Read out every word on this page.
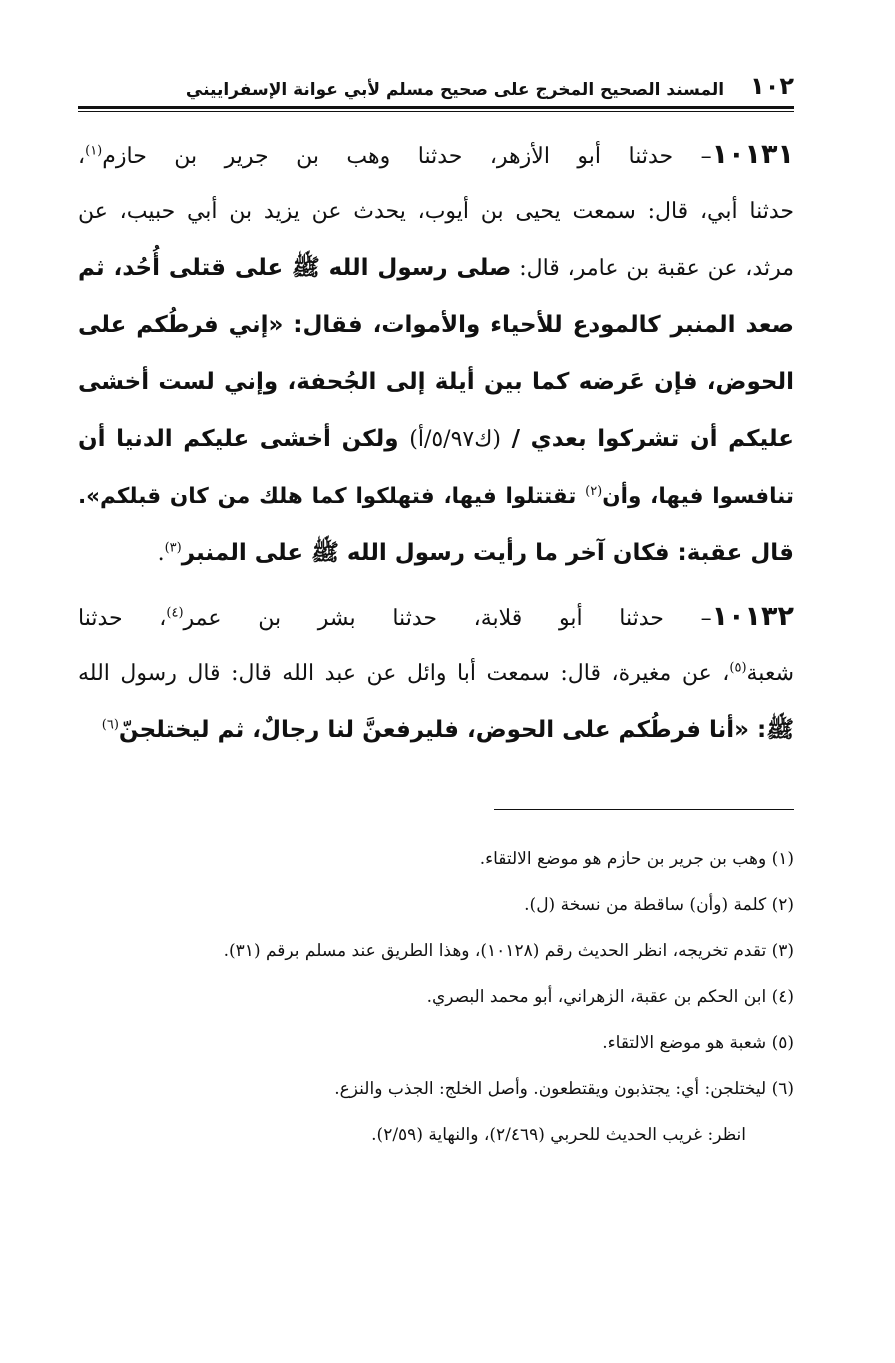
١٠٢
المسند الصحيح المخرج على صحيح مسلم لأبي عوانة الإسفراييني
١٠١٣١– حدثنا أبو الأزهر، حدثنا وهب بن جرير بن حازم$^{(١)}$،
حدثنا أبي، قال: سمعت يحيى بن أيوب، يحدث عن يزيد بن أبي حبيب، عن
مرثد، عن عقبة بن عامر، قال: صلى رسول الله ﷺ على قتلى أُحُد، ثم
صعد المنبر كالمودع للأحياء والأموات، فقال: «إني فرطُكم على
الحوض، فإن عَرضه كما بين أيلة إلى الجُحفة، وإني لست أخشى
عليكم أن تشركوا بعدي / (ك٥/٩٧/أ) ولكن أخشى عليكم الدنيا أن
تنافسوا فيها، وأن$^{(٢)}$ تقتتلوا فيها، فتهلكوا كما هلك من كان قبلكم».
قال عقبة: فكان آخر ما رأيت رسول الله ﷺ على المنبر$^{(٣)}$.
١٠١٣٢– حدثنا أبو قلابة، حدثنا بشر بن عمر$^{(٤)}$، حدثنا
شعبة$^{(٥)}$، عن مغيرة، قال: سمعت أبا وائل عن عبد الله قال: قال رسول الله
ﷺ: «أنا فرطُكم على الحوض، فليرفعنَّ لنا رجالٌ، ثم ليختلجنّ$^{(٦)}$
(١) وهب بن جرير بن حازم هو موضع الالتقاء.
(٢) كلمة (وأن) ساقطة من نسخة (ل).
(٣) تقدم تخريجه، انظر الحديث رقم (١٠١٢٨)، وهذا الطريق عند مسلم برقم (٣١).
(٤) ابن الحكم بن عقبة، الزهراني، أبو محمد البصري.
(٥) شعبة هو موضع الالتقاء.
(٦) ليختلجن: أي: يجتذبون ويقتطعون. وأصل الخلج: الجذب والنزع.
انظر: غريب الحديث للحربي (٢/٤٦٩)، والنهاية (٢/٥٩).
